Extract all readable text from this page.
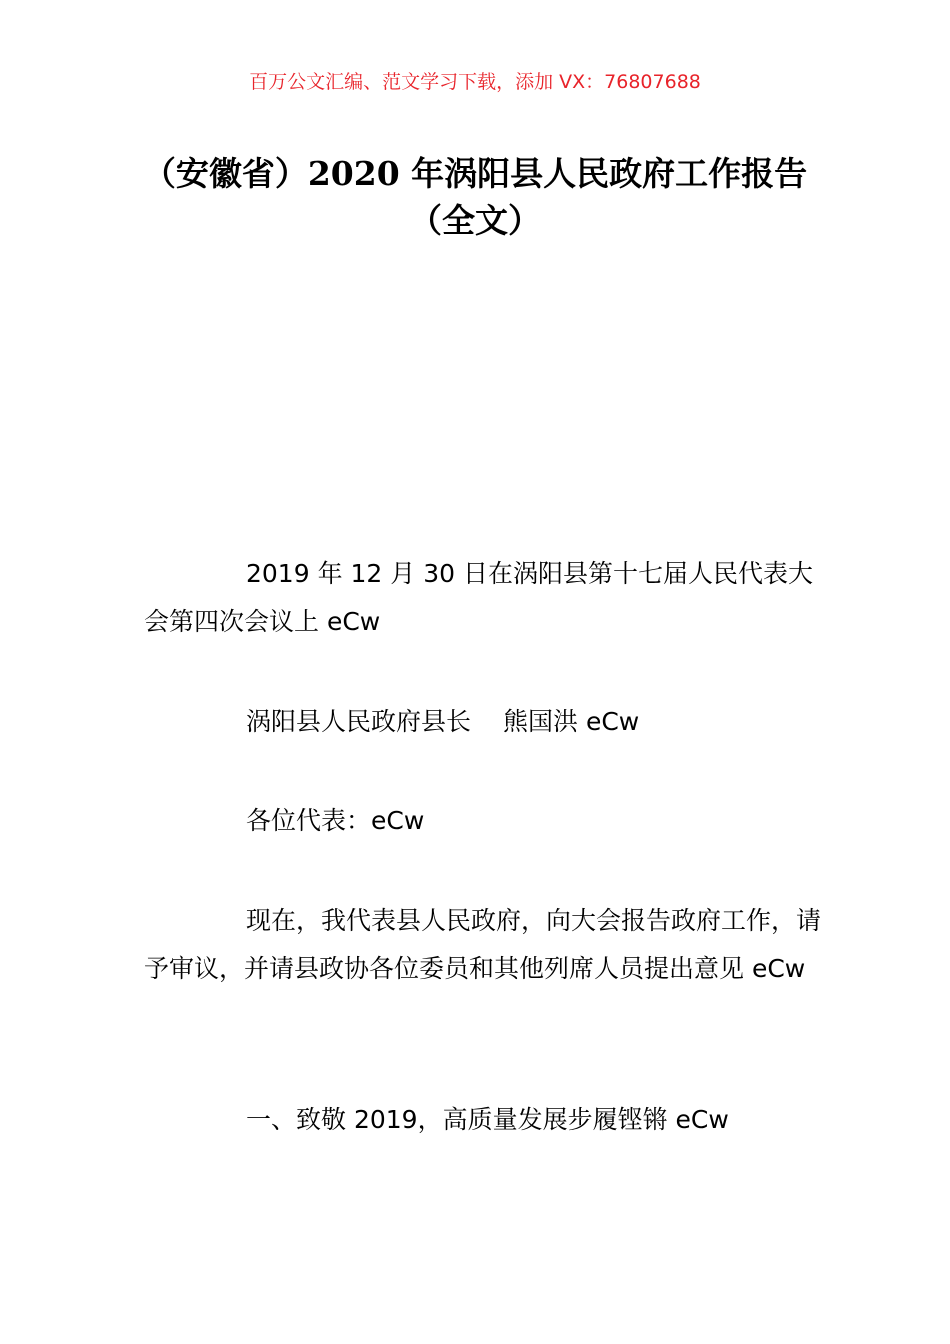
百万公文汇编、范文学习下载，添加 VX：76807688
（安徽省）2020 年涡阳县人民政府工作报告（全文）

2019 年 12 月 30 日在涡阳县第十七届人民代表大会第四次会议上 eCw

涡阳县人民政府县长 熊国洪 eCw

各位代表：eCw

现在，我代表县人民政府，向大会报告政府工作，请予审议，并请县政协各位委员和其他列席人员提出意见 eCw

一、致敬 2019，高质量发展步履铿锵 eCw
